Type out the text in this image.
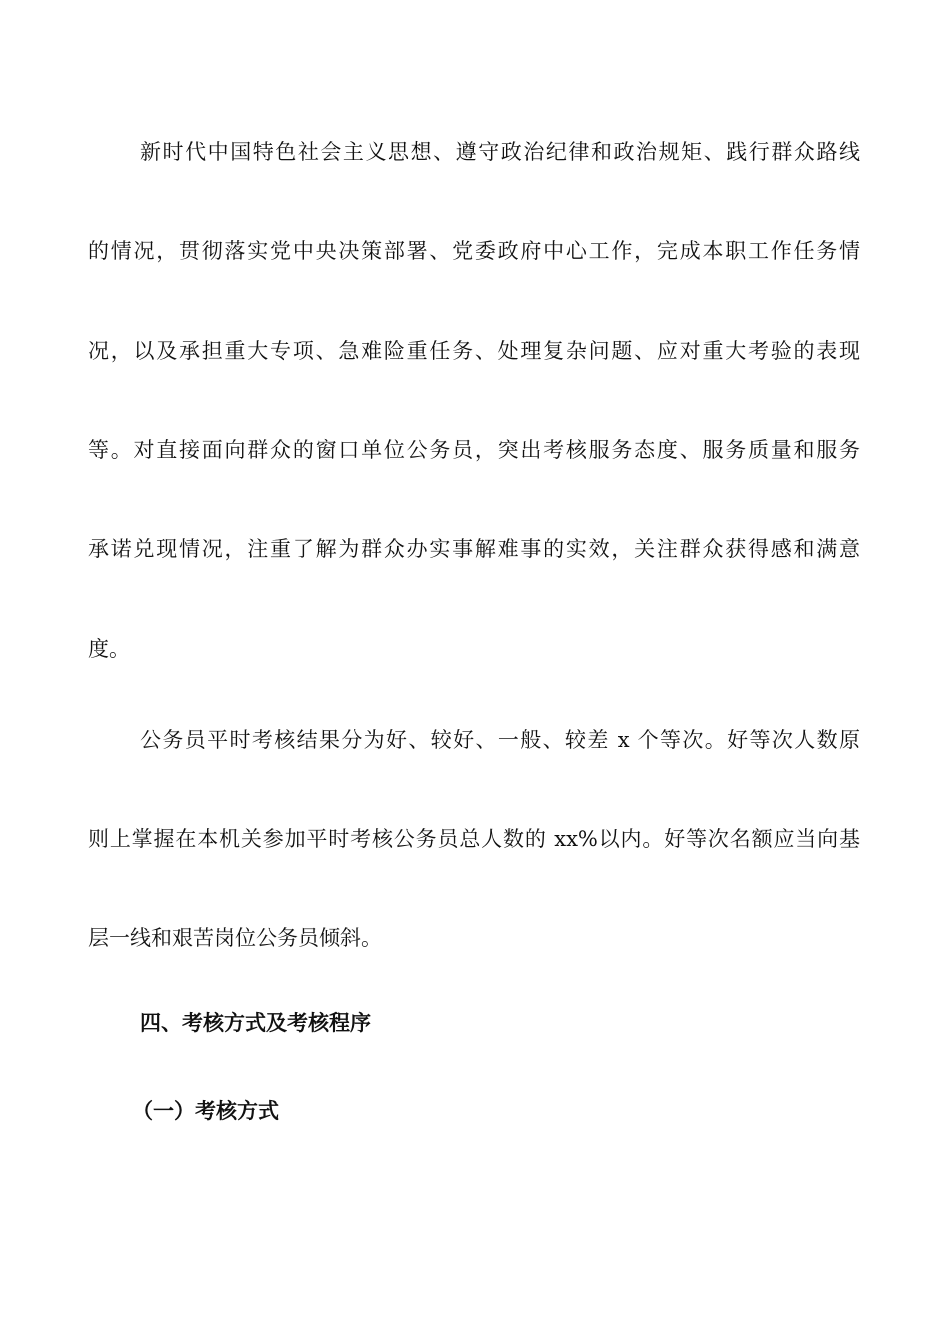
新时代中国特色社会主义思想、遵守政治纪律和政治规矩、践行群众路线
的情况，贯彻落实党中央决策部署、党委政府中心工作，完成本职工作任务情
况，以及承担重大专项、急难险重任务、处理复杂问题、应对重大考验的表现
等。对直接面向群众的窗口单位公务员，突出考核服务态度、服务质量和服务
承诺兑现情况，注重了解为群众办实事解难事的实效，关注群众获得感和满意
度。
公务员平时考核结果分为好、较好、一般、较差 x 个等次。好等次人数原
则上掌握在本机关参加平时考核公务员总人数的 xx%以内。好等次名额应当向基
层一线和艰苦岗位公务员倾斜。
四、考核方式及考核程序
（一）考核方式
